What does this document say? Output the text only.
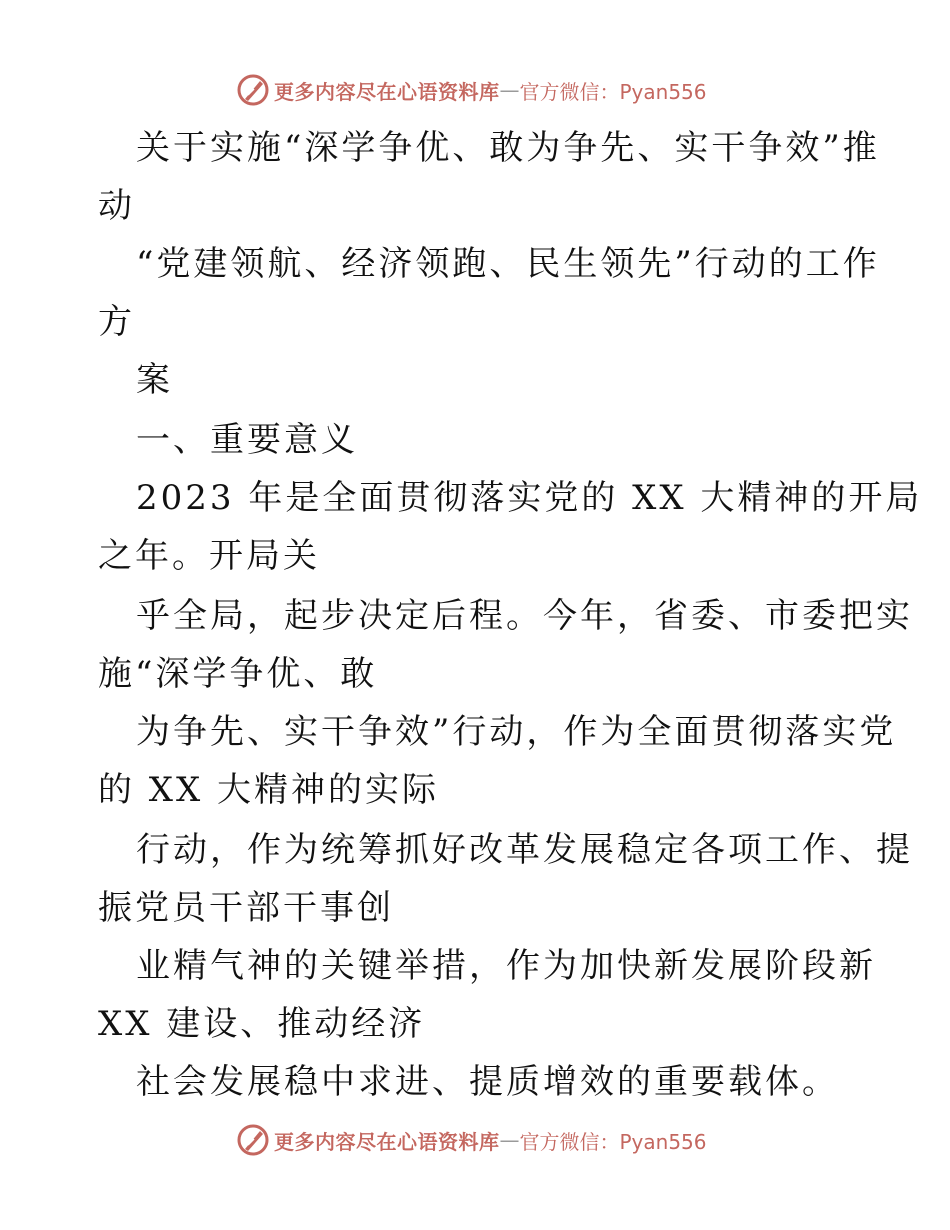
更多内容尽在心语资料库 — 官方微信：Pyan556
关于实施“深学争优、敢为争先、实干争效”推
动
“党建领航、经济领跑、民生领先”行动的工作
方
案
一、重要意义
2023 年是全面贯彻落实党的 XX 大精神的开局
之年。开局关
乎全局，起步决定后程。今年，省委、市委把实
施“深学争优、敢
为争先、实干争效”行动，作为全面贯彻落实党
的 XX 大精神的实际
行动，作为统筹抓好改革发展稳定各项工作、提
振党员干部干事创
业精气神的关键举措，作为加快新发展阶段新
XX 建设、推动经济
社会发展稳中求进、提质增效的重要载体。
更多内容尽在心语资料库 — 官方微信：Pyan556
